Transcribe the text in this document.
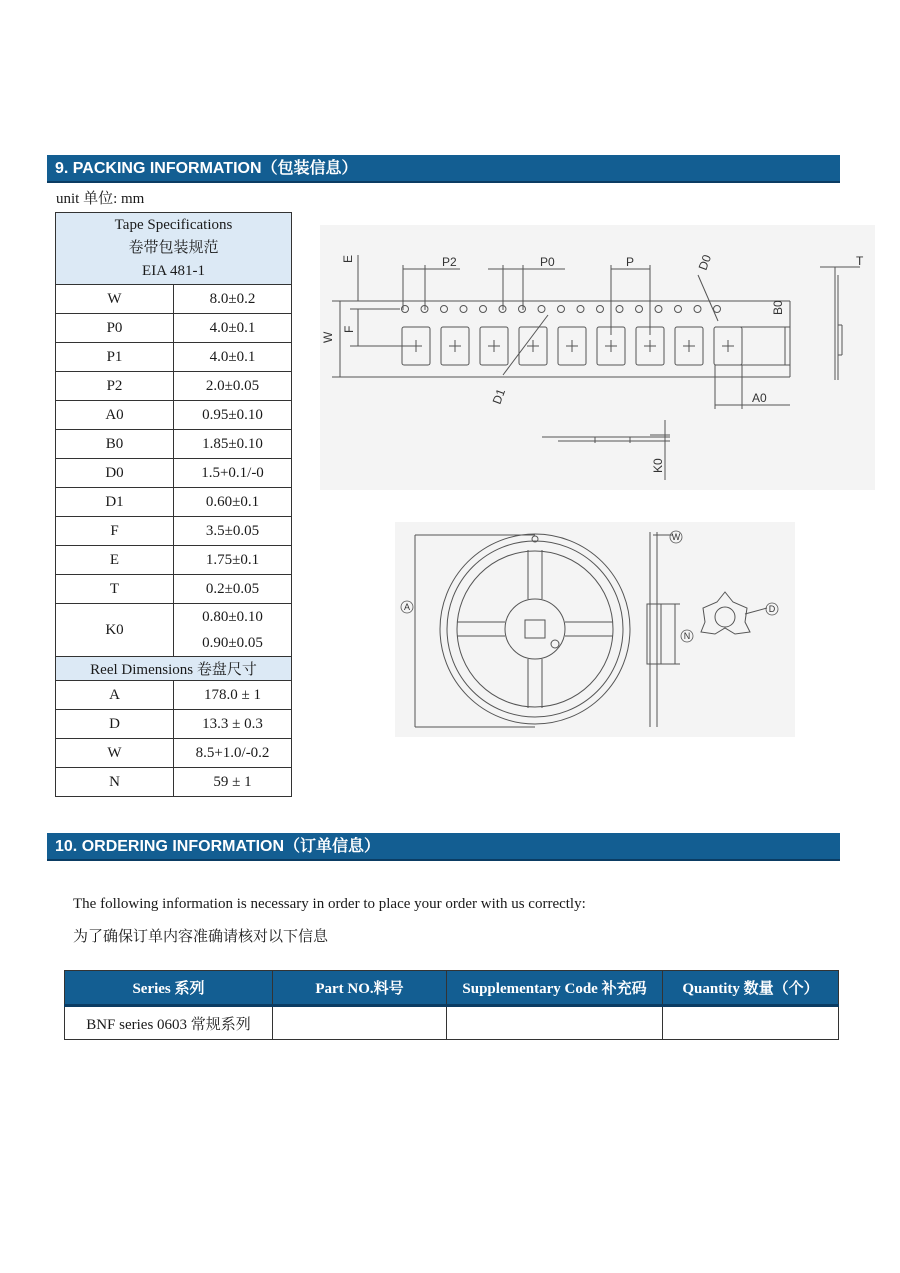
9. PACKING INFORMATION（包装信息）
unit 单位: mm
Tape Specifications
卷带包装规范
EIA 481-1	

W	8.0±0.2
P0	4.0±0.1
P1	4.0±0.1
P2	2.0±0.05
A0	0.95±0.10
B0	1.85±0.10
D0	1.5+0.1/-0
D1	0.60±0.1
F	3.5±0.05
E	1.75±0.1
T	0.2±0.05
K0	0.80±0.10
0.90±0.05

Reel Dimensions 卷盘尺寸	
A	178.0 ± 1
D	13.3 ± 0.3
W	8.5+1.0/-0.2
N	59 ± 1
P2	P0	P	D0	T
E
F
W
B0
D1	A0
K0
A
W
N
D
10. ORDERING INFORMATION（订单信息）
The following information is necessary in order to place your order with us correctly:
为了确保订单内容准确请核对以下信息
Series 系列	Part NO.料号	Supplementary Code 补充码	Quantity 数量（个）
BNF series 0603 常规系列			
